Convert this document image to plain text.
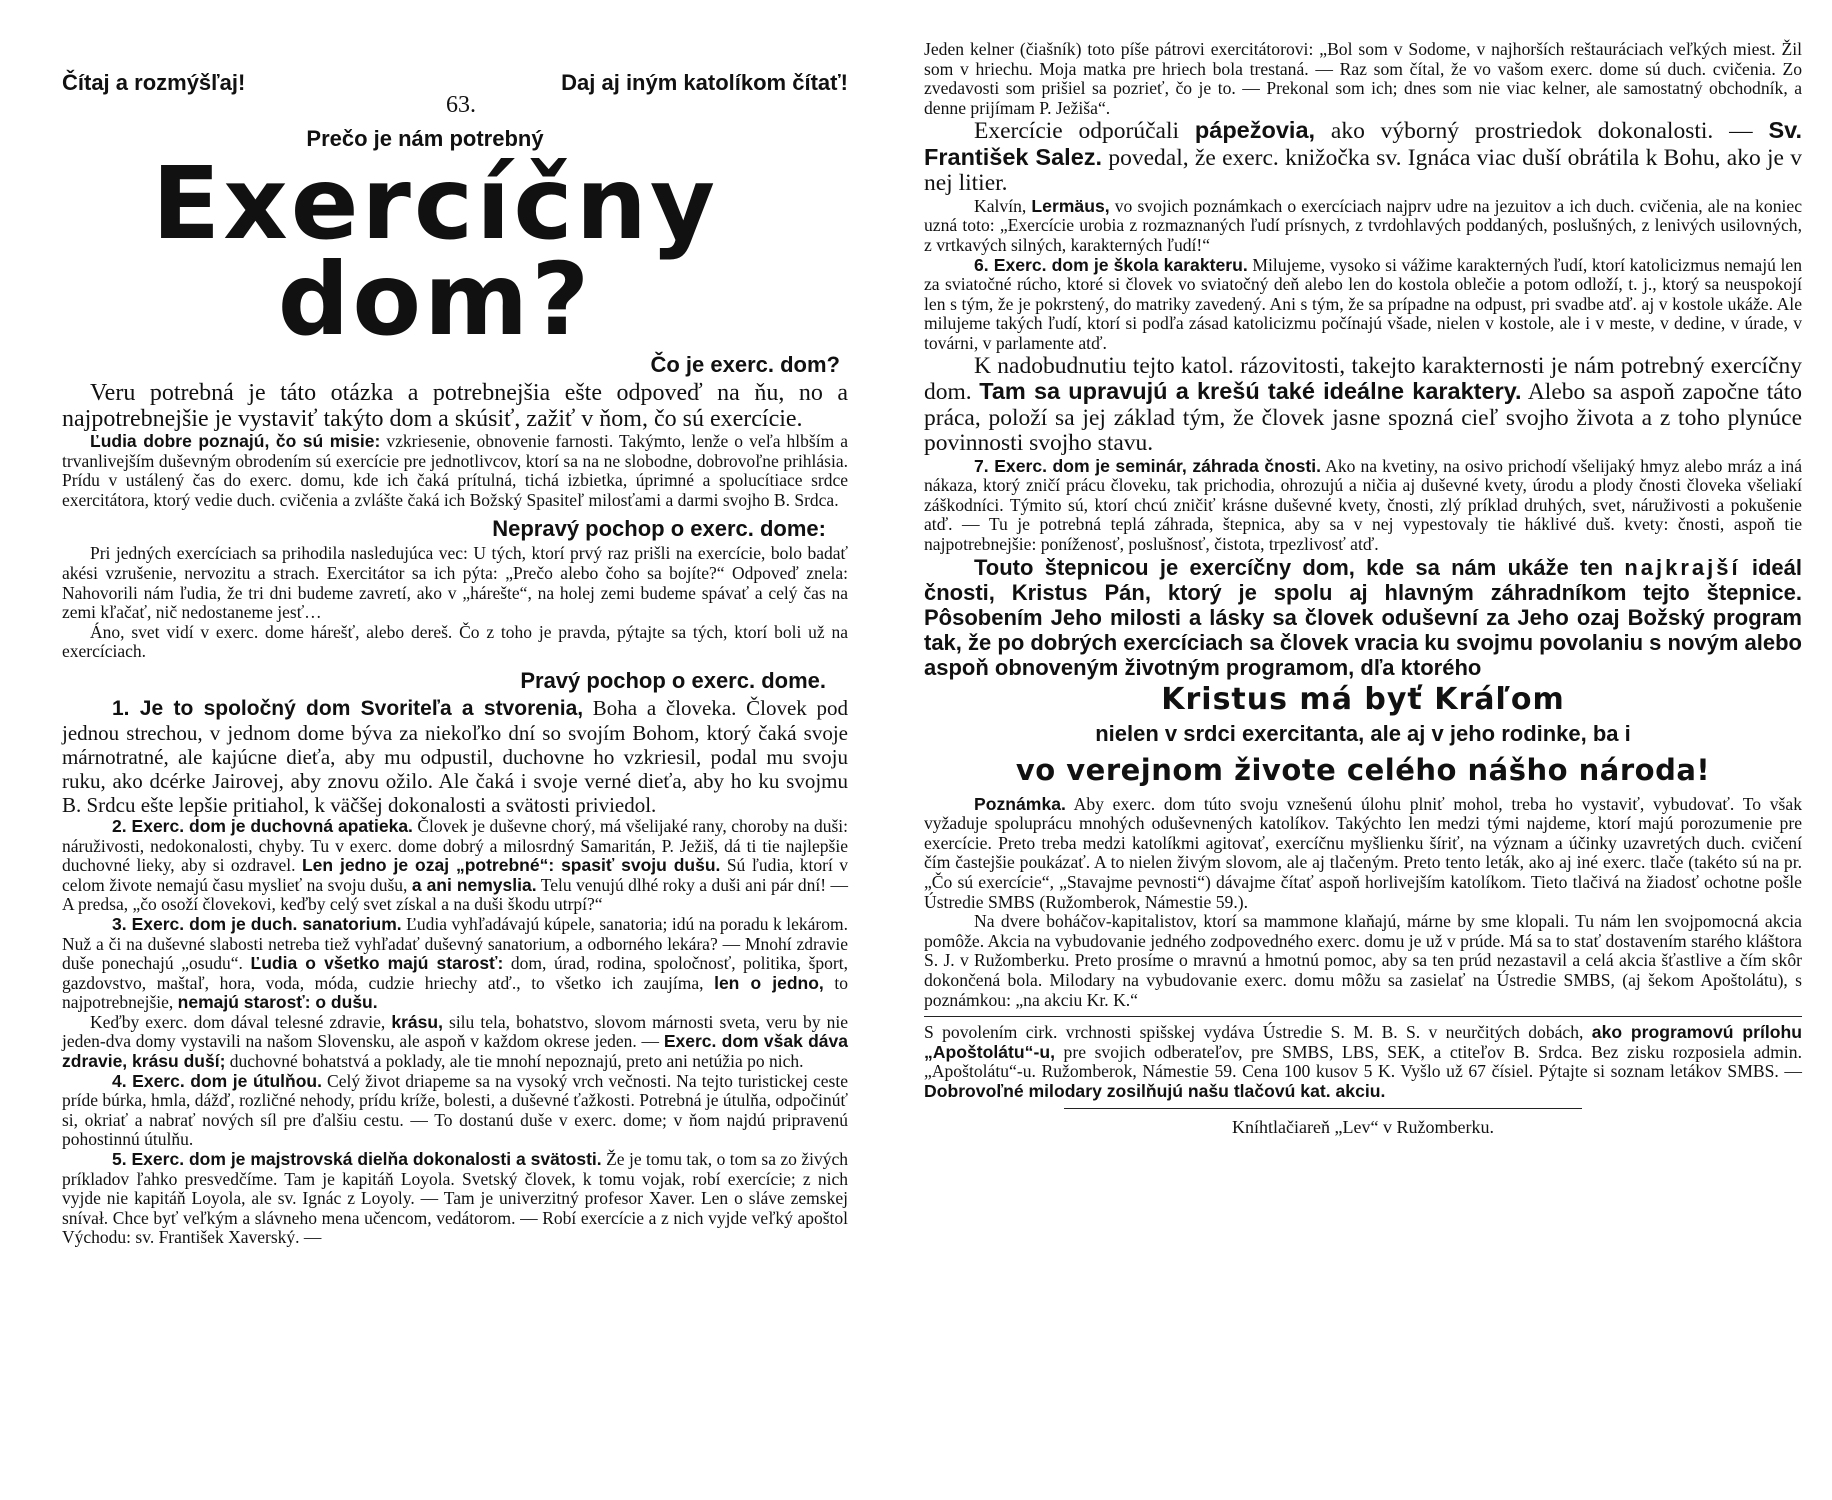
Čítaj a rozmýšľaj!	Daj aj iným katolíkom čítať!
63.
Prečo je nám potrebný
Exercíčny dom?
Čo je exerc. dom?

Veru potrebná je táto otázka a potrebnejšia ešte odpoveď na ňu, no a najpotrebnejšie je vystaviť takýto dom a skúsiť, zažiť v ňom, čo sú exercície.

Ľudia dobre poznajú, čo sú misie: vzkriesenie, obnovenie farnosti. Takýmto, lenže o veľa hlbším a trvanlivejším duševným obrodením sú exercície pre jednotlivcov, ktorí sa na ne slobodne, dobrovoľne prihlásia. Prídu v ustálený čas do exerc. domu, kde ich čaká prítulná, tichá izbietka, úprimné a spolucítiace srdce exercitátora, ktorý vedie duch. cvičenia a zvlášte čaká ich Božský Spasiteľ milosťami a darmi svojho B. Srdca.

Nepravý pochop o exerc. dome:

Pri jedných exercíciach sa prihodila nasledujúca vec: U tých, ktorí prvý raz prišli na exercície, bolo badať akési vzrušenie, nervozitu a strach. Exercitátor sa ich pýta: „Prečo alebo čoho sa bojíte?“ Odpoveď znela: Nahovorili nám ľudia, že tri dni budeme zavretí, ako v „háreštе“, na holej zemi budeme spávať a celý čas na zemi kľačať, nič nedostaneme jesť…

Áno, svet vidí v exerc. dome hárešť, alebo dereš. Čo z toho je pravda, pýtajte sa tých, ktorí boli už na exercíciach.

Pravý pochop o exerc. dome.

1. Je to spoločný dom Svoriteľa a stvorenia, Boha a človeka. Človek pod jednou strechou, v jednom dome býva za niekoľko dní so svojím Bohom, ktorý čaká svoje márnotratné, ale kajúcne dieťa, aby mu odpustil, duchovne ho vzkriesil, podal mu svoju ruku, ako dcérke Jairovej, aby znovu ožilo. Ale čaká i svoje verné dieťa, aby ho ku svojmu B. Srdcu ešte lepšie pritiahol, k väčšej dokonalosti a svätosti priviedol.

2. Exerc. dom je duchovná apatieka. Človek je duševne chorý, má všelijaké rany, choroby na duši: náruživosti, nedokonalosti, chyby. Tu v exerc. dome dobrý a milosrdný Samaritán, P. Ježiš, dá ti tie najlepšie duchovné lieky, aby si ozdravel. Len jedno je ozaj „potrebné“: spasiť svoju dušu. Sú ľudia, ktorí v celom živote nemajú času myslieť na svoju dušu, a ani nemyslia. Telu venujú dlhé roky a duši ani pár dní! — A predsa, „čo osoží človekovi, keďby celý svet získal a na duši škodu utrpí?“

3. Exerc. dom je duch. sanatorium. Ľudia vyhľadávajú kúpele, sanatoria; idú na poradu k lekárom. Nuž a či na duševné slabosti netreba tiež vyhľadať duševný sanatorium, a odborného lekára? — Mnohí zdravie duše ponechajú „osudu“. Ľudia o všetko majú starosť: dom, úrad, rodina, spoločnosť, politika, šport, gazdovstvo, maštaľ, hora, voda, móda, cudzie hriechy atď., to všetko ich zaujíma, len o jedno, to najpotrebnejšie, nemajú starosť: o dušu.

Keďby exerc. dom dával telesné zdravie, krásu, silu tela, bohatstvo, slovom márnosti sveta, veru by nie jeden-dva domy vystavili na našom Slovensku, ale aspoň v každom okrese jeden. — Exerc. dom však dáva zdravie, krásu duší; duchovné bohatstvá a poklady, ale tie mnohí nepoznajú, preto ani netúžia po nich.

4. Exerc. dom je útulňou. Celý život driapeme sa na vysoký vrch večnosti. Na tejto turistickej ceste príde búrka, hmla, dážď, rozličné nehody, prídu kríže, bolesti, a duševné ťažkosti. Potrebná je útulňa, odpočinúť si, okriať a nabrať nových síl pre ďalšiu cestu. — To dostanú duše v exerc. dome; v ňom najdú pripravenú pohostinnú útulňu.

5. Exerc. dom je majstrovská dielňa dokonalosti a svätosti. Že je tomu tak, o tom sa zo živých príkladov ľahko presvedčíme. Tam je kapitáň Loyola. Svetský človek, k tomu vojak, robí exercície; z nich vyjde nie kapitáň Loyola, ale sv. Ignác z Loyoly. — Tam je univerzitný profesor Xaver. Len o sláve zemskej snívał. Chce byť veľkým a slávneho mena učencom, vedátorom. — Robí exercície a z nich vyjde veľký apoštol Východu: sv. František Xaverský. —

Jeden kelner (čiašník) toto píše pátrovi exercitátorovi: „Bol som v Sodome, v najhorších reštauráciach veľkých miest. Žil som v hriechu. Moja matka pre hriech bola trestaná. — Raz som čítal, že vo vašom exerc. dome sú duch. cvičenia. Zo zvedavosti som prišiel sa pozrieť, čo je to. — Prekonal som ich; dnes som nie viac kelner, ale samostatný obchodník, a denne prijímam P. Ježiša“.

Exercície odporúčali pápežovia, ako výborný prostriedok dokonalosti. — Sv. František Salez. povedal, že exerc. knižočka sv. Ignáca viac duší obrátila k Bohu, ako je v nej litier.

Kalvín, Lermäus, vo svojich poznámkach o exercíciach najprv udre na jezuitov a ich duch. cvičenia, ale na koniec uzná toto: „Exercície urobia z rozmaznaných ľudí prísnych, z tvrdohlavých poddaných, poslušných, z lenivých usilovných, z vrtkavých silných, karakterných ľudí!“

6. Exerc. dom je škola karakteru. Milujeme, vysoko si vážime karakterných ľudí, ktorí katolicizmus nemajú len za sviatočné rúcho, ktoré si človek vo sviatočný deň alebo len do kostola oblečie a potom odloží, t. j., ktorý sa neuspokojí len s tým, že je pokrstený, do matriky zavedený. Ani s tým, že sa prípadne na odpust, pri svadbe atď. aj v kostole ukáže. Ale milujeme takých ľudí, ktorí si podľa zásad katolicizmu počínajú všade, nielen v kostole, ale i v meste, v dedine, v úrade, v továrni, v parlamente atď.

K nadobudnutiu tejto katol. rázovitosti, takejto karakternosti je nám potrebný exercíčny dom. Tam sa upravujú a krešú také ideálne karaktery. Alebo sa aspoň započne táto práca, položí sa jej základ tým, že človek jasne spozná cieľ svojho života a z toho plynúce povinnosti svojho stavu.

7. Exerc. dom je seminár, záhrada čnosti. Ako na kvetiny, na osivo prichodí všelijaký hmyz alebo mráz a iná nákaza, ktorý zničí prácu človeku, tak prichodia, ohrozujú a ničia aj duševné kvety, úrodu a plody čnosti človeka všeliakí záškodníci. Týmito sú, ktorí chcú zničiť krásne duševné kvety, čnosti, zlý príklad druhých, svet, náruživosti a pokušenie atď. — Tu je potrebná teplá záhrada, štepnica, aby sa v nej vypestovaly tie háklivé duš. kvety: čnosti, aspoň tie najpotrebnejšie: poníženosť, poslušnosť, čistota, trpezlivosť atď.

Touto štepnicou je exercíčny dom, kde sa nám ukáže ten najkrajší ideál čnosti, Kristus Pán, ktorý je spolu aj hlavným záhradníkom tejto štepnice. Pôsobením Jeho milosti a lásky sa človek oduševní za Jeho ozaj Božský program tak, že po dobrých exercíciach sa človek vracia ku svojmu povolaniu s novým alebo aspoň obnoveným životným programom, dľa ktorého

Kristus má byť Kráľom
nielen v srdci exercitanta, ale aj v jeho rodinke, ba i
vo verejnom živote celého nášho národa!

Poznámka. Aby exerc. dom túto svoju vznešenú úlohu plniť mohol, treba ho vystaviť, vybudovať. To však vyžaduje spoluprácu mnohých oduševnených katolíkov. Takýchto len medzi tými najdeme, ktorí majú porozumenie pre exercície. Preto treba medzi katolíkmi agitovať, exercíčnu myšlienku šíriť, na význam a účinky uzavretých duch. cvičení čím častejšie poukázať. A to nielen živým slovom, ale aj tlačeným. Preto tento leták, ako aj iné exerc. tlače (takéto sú na pr. „Čo sú exercície“, „Stavajme pevnosti“) dávajme čítať aspoň horlivejším katolíkom. Tieto tlačivá na žiadosť ochotne pošle Ústredie SMBS (Ružomberok, Námestie 59.).

Na dvere boháčov-kapitalistov, ktorí sa mammone klaňajú, márne by sme klopali. Tu nám len svojpomocná akcia pomôže. Akcia na vybudovanie jedného zodpovedného exerc. domu je už v prúde. Má sa to stať dostavením starého kláštora S. J. v Ružomberku. Preto prosíme o mravnú a hmotnú pomoc, aby sa ten prúd nezastavil a celá akcia šťastlive a čím skôr dokončená bola. Milodary na vybudovanie exerc. domu môžu sa zasielať na Ústredie SMBS, (aj šekom Apoštolátu), s poznámkou: „na akciu Kr. K.“

S povolením cirk. vrchnosti spišskej vydáva Ústredie S. M. B. S. v neurčitých dobách, ako programovú prílohu „Apoštolátu“-u, pre svojich odberateľov, pre SMBS, LBS, SEK, a ctiteľov B. Srdca. Bez zisku rozposiela admin. „Apoštolátu“-u. Ružomberok, Námestie 59. Cena 100 kusov 5 K. Vyšlo už 67 čísiel. Pýtajte si soznam letákov SMBS. — Dobrovoľné milodary zosilňujú našu tlačovú kat. akciu.

Kníhtlačiareň „Lev“ v Ružomberku.
